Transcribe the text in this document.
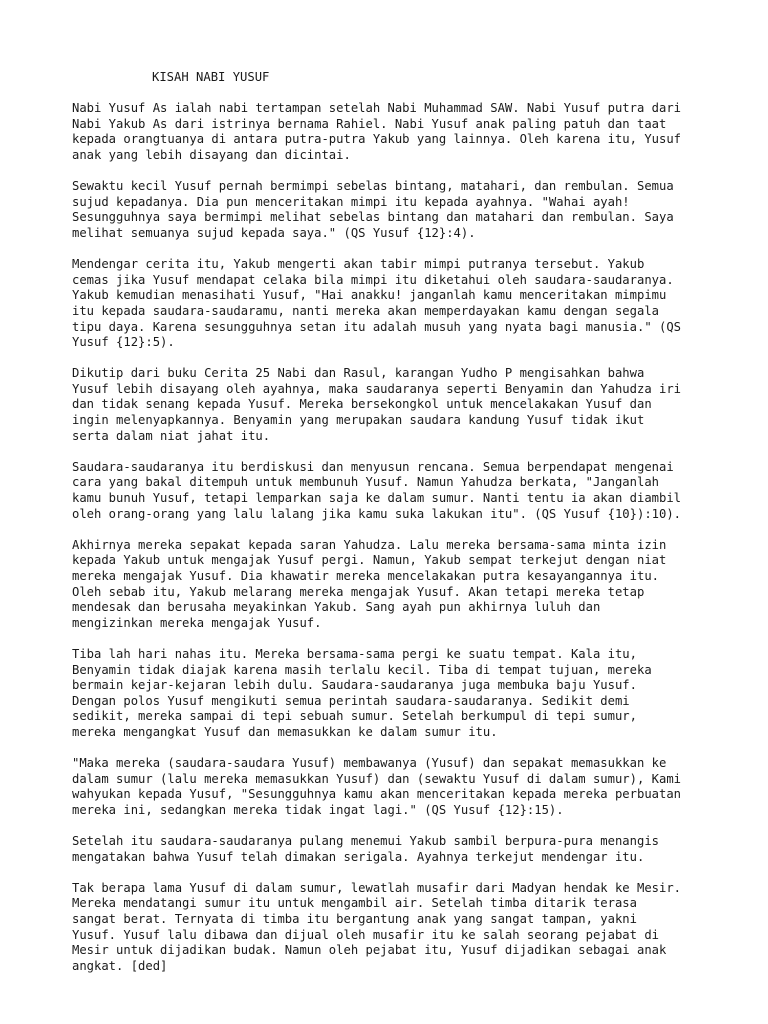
KISAH NABI YUSUF
Nabi Yusuf As ialah nabi tertampan setelah Nabi Muhammad SAW. Nabi Yusuf putra dari
Nabi Yakub As dari istrinya bernama Rahiel. Nabi Yusuf anak paling patuh dan taat
kepada orangtuanya di antara putra-putra Yakub yang lainnya. Oleh karena itu, Yusuf
anak yang lebih disayang dan dicintai.
Sewaktu kecil Yusuf pernah bermimpi sebelas bintang, matahari, dan rembulan. Semua
sujud kepadanya. Dia pun menceritakan mimpi itu kepada ayahnya. "Wahai ayah!
Sesungguhnya saya bermimpi melihat sebelas bintang dan matahari dan rembulan. Saya
melihat semuanya sujud kepada saya." (QS Yusuf {12}:4).
Mendengar cerita itu, Yakub mengerti akan tabir mimpi putranya tersebut. Yakub
cemas jika Yusuf mendapat celaka bila mimpi itu diketahui oleh saudara-saudaranya.
Yakub kemudian menasihati Yusuf, "Hai anakku! janganlah kamu menceritakan mimpimu
itu kepada saudara-saudaramu, nanti mereka akan memperdayakan kamu dengan segala
tipu daya. Karena sesungguhnya setan itu adalah musuh yang nyata bagi manusia." (QS
Yusuf {12}:5).
Dikutip dari buku Cerita 25 Nabi dan Rasul, karangan Yudho P mengisahkan bahwa
Yusuf lebih disayang oleh ayahnya, maka saudaranya seperti Benyamin dan Yahudza iri
dan tidak senang kepada Yusuf. Mereka bersekongkol untuk mencelakakan Yusuf dan
ingin melenyapkannya. Benyamin yang merupakan saudara kandung Yusuf tidak ikut
serta dalam niat jahat itu.
Saudara-saudaranya itu berdiskusi dan menyusun rencana. Semua berpendapat mengenai
cara yang bakal ditempuh untuk membunuh Yusuf. Namun Yahudza berkata, "Janganlah
kamu bunuh Yusuf, tetapi lemparkan saja ke dalam sumur. Nanti tentu ia akan diambil
oleh orang-orang yang lalu lalang jika kamu suka lakukan itu". (QS Yusuf {10}):10).
Akhirnya mereka sepakat kepada saran Yahudza. Lalu mereka bersama-sama minta izin
kepada Yakub untuk mengajak Yusuf pergi. Namun, Yakub sempat terkejut dengan niat
mereka mengajak Yusuf. Dia khawatir mereka mencelakakan putra kesayangannya itu.
Oleh sebab itu, Yakub melarang mereka mengajak Yusuf. Akan tetapi mereka tetap
mendesak dan berusaha meyakinkan Yakub. Sang ayah pun akhirnya luluh dan
mengizinkan mereka mengajak Yusuf.
Tiba lah hari nahas itu. Mereka bersama-sama pergi ke suatu tempat. Kala itu,
Benyamin tidak diajak karena masih terlalu kecil. Tiba di tempat tujuan, mereka
bermain kejar-kejaran lebih dulu. Saudara-saudaranya juga membuka baju Yusuf.
Dengan polos Yusuf mengikuti semua perintah saudara-saudaranya. Sedikit demi
sedikit, mereka sampai di tepi sebuah sumur. Setelah berkumpul di tepi sumur,
mereka mengangkat Yusuf dan memasukkan ke dalam sumur itu.
"Maka mereka (saudara-saudara Yusuf) membawanya (Yusuf) dan sepakat memasukkan ke
dalam sumur (lalu mereka memasukkan Yusuf) dan (sewaktu Yusuf di dalam sumur), Kami
wahyukan kepada Yusuf, "Sesungguhnya kamu akan menceritakan kepada mereka perbuatan
mereka ini, sedangkan mereka tidak ingat lagi." (QS Yusuf {12}:15).
Setelah itu saudara-saudaranya pulang menemui Yakub sambil berpura-pura menangis
mengatakan bahwa Yusuf telah dimakan serigala. Ayahnya terkejut mendengar itu.
Tak berapa lama Yusuf di dalam sumur, lewatlah musafir dari Madyan hendak ke Mesir.
Mereka mendatangi sumur itu untuk mengambil air. Setelah timba ditarik terasa
sangat berat. Ternyata di timba itu bergantung anak yang sangat tampan, yakni
Yusuf. Yusuf lalu dibawa dan dijual oleh musafir itu ke salah seorang pejabat di
Mesir untuk dijadikan budak. Namun oleh pejabat itu, Yusuf dijadikan sebagai anak
angkat. [ded]
